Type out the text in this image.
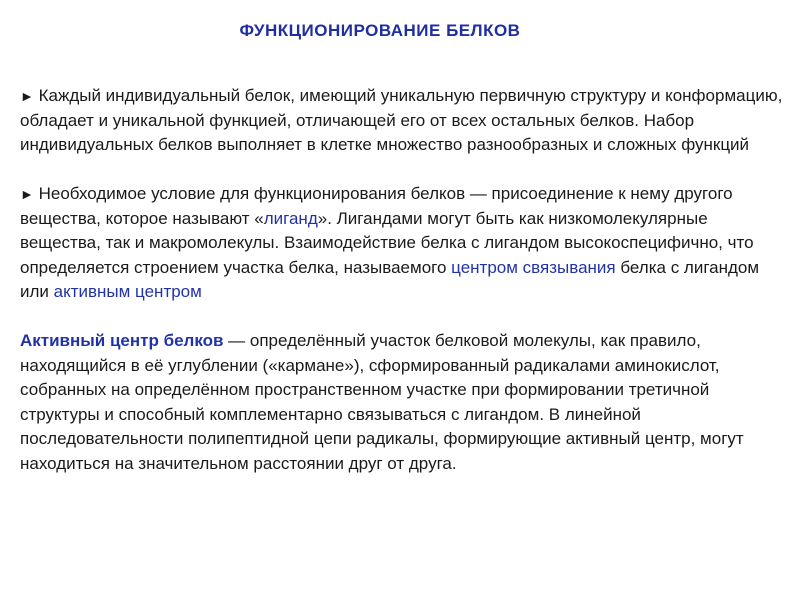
ФУНКЦИОНИРОВАНИЕ БЕЛКОВ

► Каждый индивидуальный белок, имеющий уникальную первичную структуру и конформацию, обладает и уникальной функцией, отличающей его от всех остальных белков. Набор индивидуальных белков выполняет в клетке множество разнообразных и сложных функций

► Необходимое условие для функционирования белков — присоединение к нему другого вещества, которое называют «лиганд». Лигандами могут быть как низкомолекулярные вещества, так и макромолекулы. Взаимодействие белка с лигандом высокоспецифично, что определяется строением участка белка, называемого центром связывания белка с лигандом или активным центром

Активный центр белков — определённый участок белковой молекулы, как правило, находящийся в её углублении («кармане»), сформированный радикалами аминокислот, собранных на определённом пространственном участке при формировании третичной структуры и способный комплементарно связываться с лигандом. В линейной последовательности полипептидной цепи радикалы, формирующие активный центр, могут находиться на значительном расстоянии друг от друга.
